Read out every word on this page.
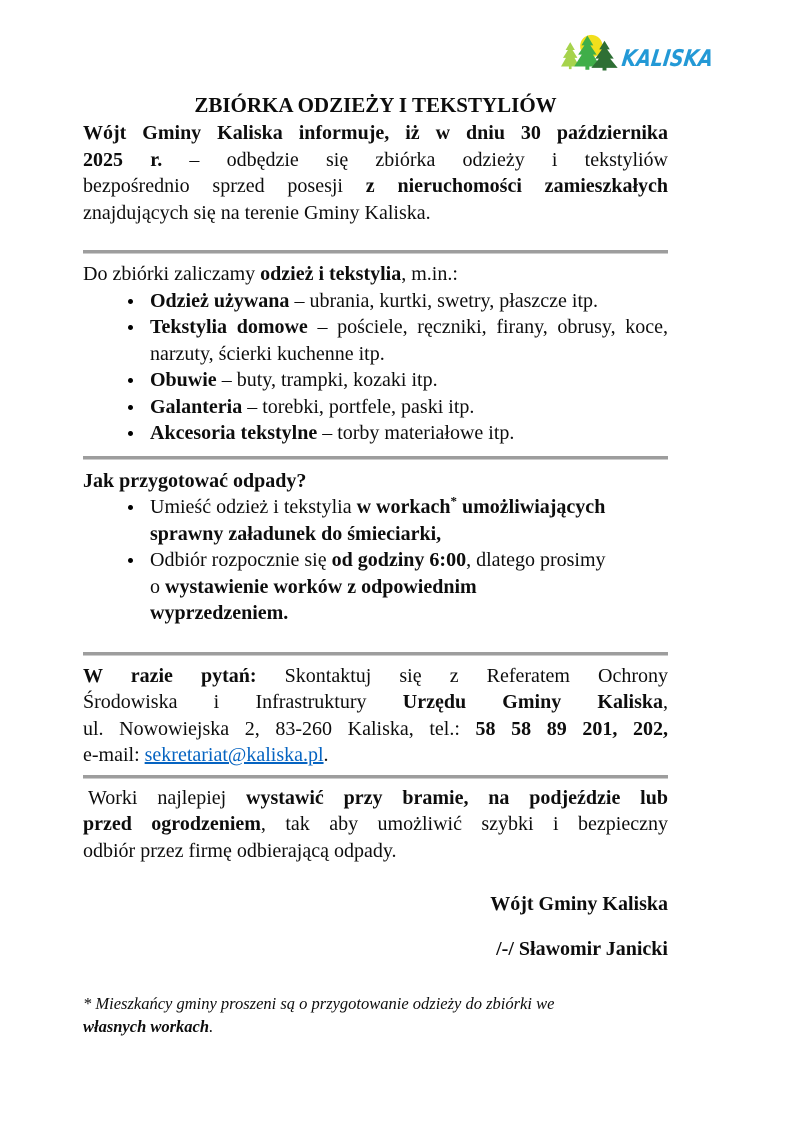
KALISKA
ZBIÓRKA ODZIEŻY I TEKSTYLIÓW
Wójt Gminy Kaliska informuje, iż w dniu 30 października
2025 r. – odbędzie się zbiórka odzieży i tekstyliów
bezpośrednio sprzed posesji z nieruchomości zamieszkałych
znajdujących się na terenie Gminy Kaliska.
Do zbiórki zaliczamy odzież i tekstylia, m.in.:
Odzież używana – ubrania, kurtki, swetry, płaszcze itp.
Tekstylia domowe – pościele, ręczniki, firany, obrusy, koce,
narzuty, ścierki kuchenne itp.
Obuwie – buty, trampki, kozaki itp.
Galanteria – torebki, portfele, paski itp.
Akcesoria tekstylne – torby materiałowe itp.
Jak przygotować odpady?
Umieść odzież i tekstylia w workach* umożliwiających
sprawny załadunek do śmieciarki,
Odbiór rozpocznie się od godziny 6:00, dlatego prosimy
o wystawienie worków z odpowiednim
wyprzedzeniem.
W razie pytań: Skontaktuj się z Referatem Ochrony
Środowiska i Infrastruktury Urzędu Gminy Kaliska,
ul. Nowowiejska 2, 83-260 Kaliska, tel.: 58 58 89 201, 202,
e-mail: sekretariat@kaliska.pl.
Worki najlepiej wystawić przy bramie, na podjeździe lub
przed ogrodzeniem, tak aby umożliwić szybki i bezpieczny
odbiór przez firmę odbierającą odpady.

Wójt Gminy Kaliska

/-/ Sławomir Janicki

* Mieszkańcy gminy proszeni są o przygotowanie odzieży do zbiórki we
własnych workach.
